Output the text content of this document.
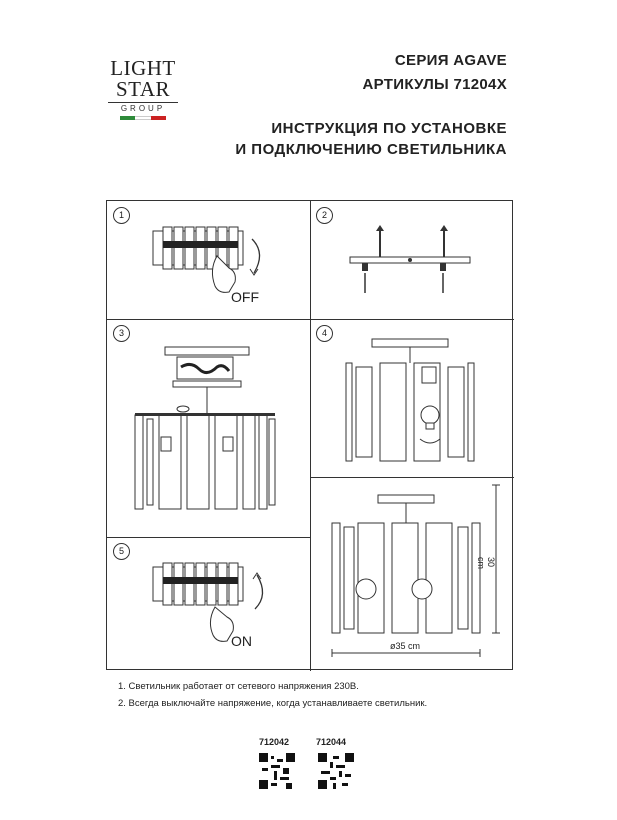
LIGHT
STAR
GROUP
СЕРИЯ AGAVE
АРТИКУЛЫ 71204X
ИНСТРУКЦИЯ ПО УСТАНОВКЕ
И ПОДКЛЮЧЕНИЮ СВЕТИЛЬНИКА
1
OFF
2
3	4
30 cm
ø35 cm
5
ON
1. Светильник работает от сетевого напряжения 230В.
2. Всегда выключайте напряжение, когда устанавливаете светильник.
712042	712044
